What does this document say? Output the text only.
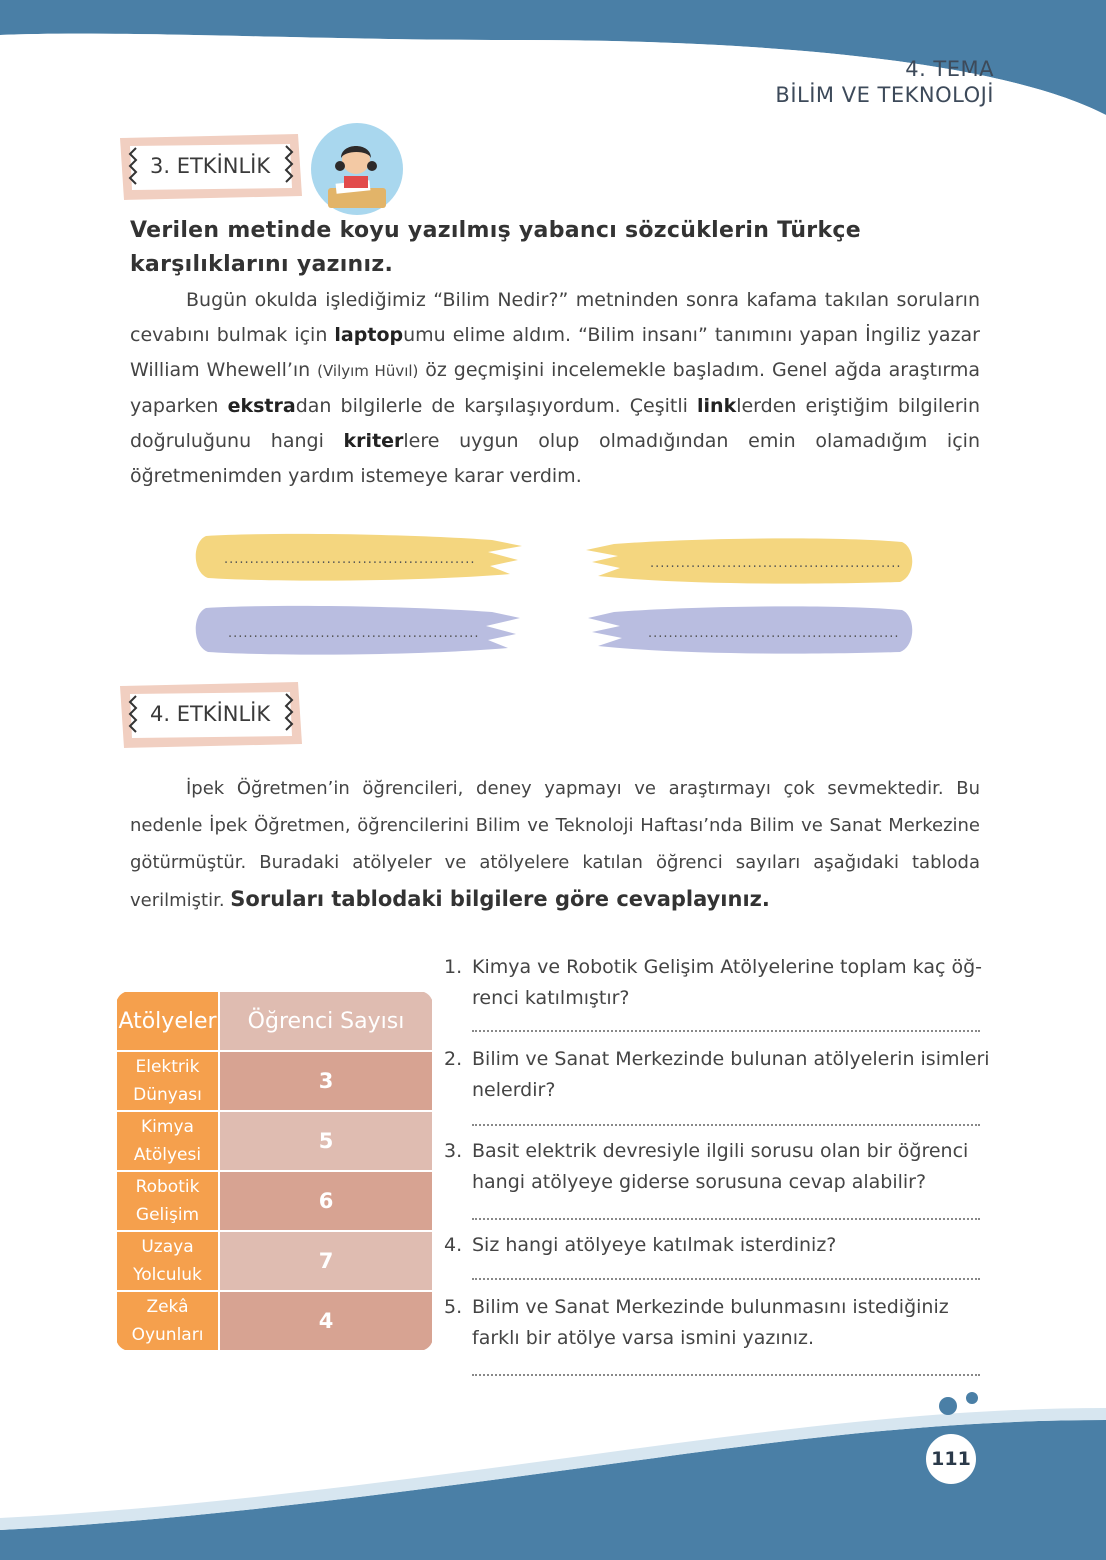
4. TEMA
BİLİM VE TEKNOLOJİ
3. ETKİNLİK
Verilen metinde koyu yazılmış yabancı sözcüklerin Türkçe karşılıklarını yazınız.
Bugün okulda işlediğimiz “Bilim Nedir?” metninden sonra kafama takılan soruların cevabını bulmak için laptopumu elime aldım. “Bilim insanı” tanımını yapan İngiliz yazar William Whewell’ın (Vilyım Hüvıl) öz geçmişini incelemekle başladım. Genel ağda araştırma yaparken ekstradan bilgilerle de karşılaşıyordum. Çeşitli linklerden eriştiğim bilgilerin doğruluğunu hangi kriterlere uygun olup olmadığından emin olamadığım için öğretmenimden yardım istemeye karar verdim.
.................................................	.................................................
.................................................	.................................................
4. ETKİNLİK
İpek Öğretmen’in öğrencileri, deney yapmayı ve araştırmayı çok sevmektedir. Bu nedenle İpek Öğretmen, öğrencilerini Bilim ve Teknoloji Haftası’nda Bilim ve Sanat Merkezine götürmüştür. Buradaki atölyeler ve atölyelere katılan öğrenci sayıları aşağıdaki tabloda verilmiştir. Soruları tablodaki bilgilere göre cevaplayınız.
Atölyeler	Öğrenci Sayısı

Elektrik
Dünyası	3

Kimya
Atölyesi	5

Robotik
Gelişim	6

Uzaya
Yolculuk	7

Zekâ
Oyunları	4
1. Kimya ve Robotik Gelişim Atölyelerine toplam kaç öğ-
renci katılmıştır?
2. Bilim ve Sanat Merkezinde bulunan atölyelerin isimleri
nelerdir?
3. Basit elektrik devresiyle ilgili sorusu olan bir öğrenci
hangi atölyeye giderse sorusuna cevap alabilir?
4. Siz hangi atölyeye katılmak isterdiniz?
5. Bilim ve Sanat Merkezinde bulunmasını istediğiniz
farklı bir atölye varsa ismini yazınız.
111
